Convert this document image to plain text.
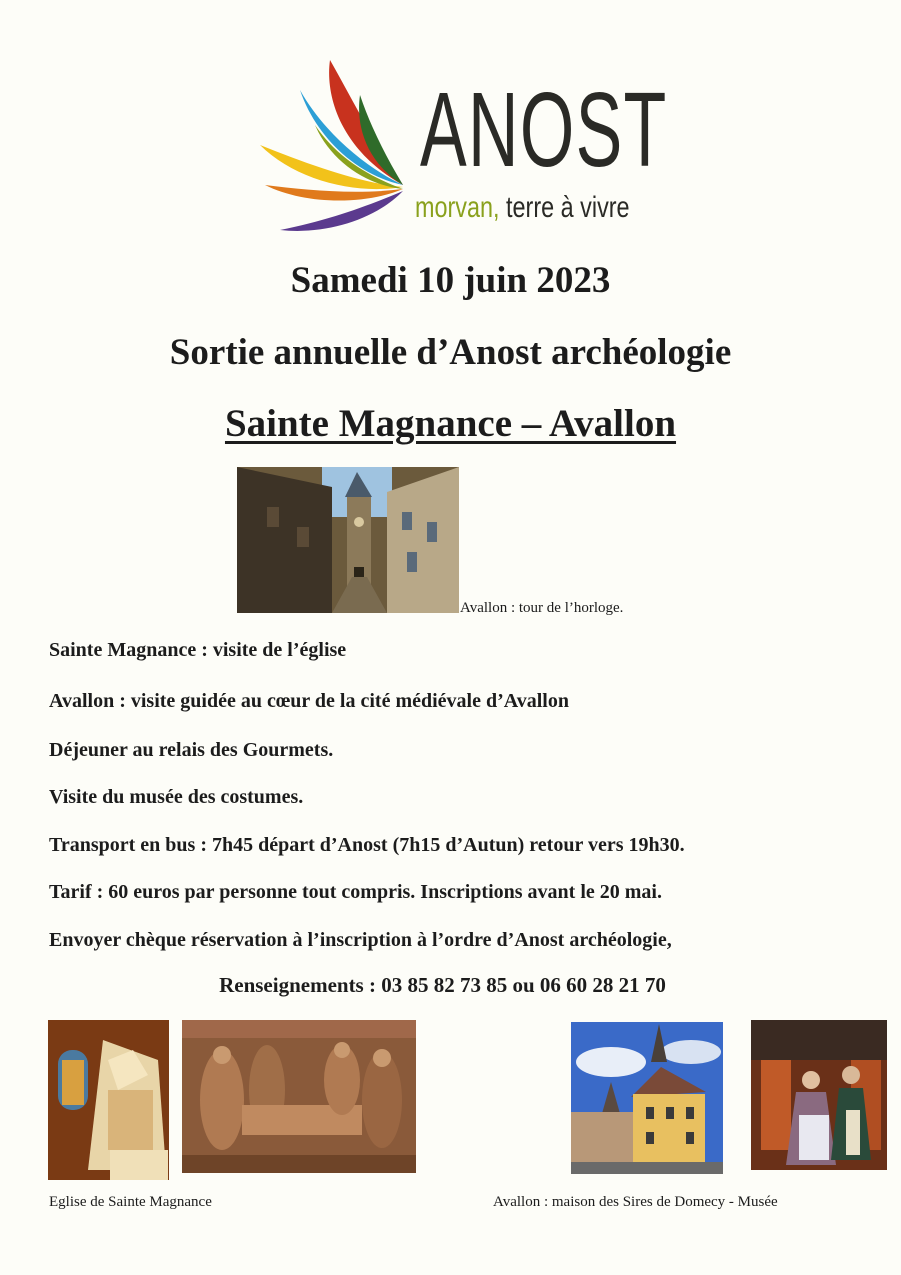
ANOST
morvan, terre à vivre
Samedi 10 juin 2023
Sortie annuelle d’Anost archéologie
Sainte Magnance – Avallon
Avallon : tour de l’horloge.
Sainte Magnance : visite de l’église
Avallon : visite guidée au cœur de la cité médiévale d’Avallon
Déjeuner au relais des Gourmets.
Visite du musée des costumes.
Transport en bus : 7h45 départ d’Anost (7h15 d’Autun) retour vers 19h30.
Tarif : 60 euros par personne tout compris. Inscriptions avant le 20 mai.
Envoyer chèque réservation à l’inscription à l’ordre d’Anost archéologie,
Renseignements : 03 85 82 73 85 ou 06 60 28 21 70
Eglise de Sainte Magnance	Avallon : maison des Sires de Domecy - Musée
